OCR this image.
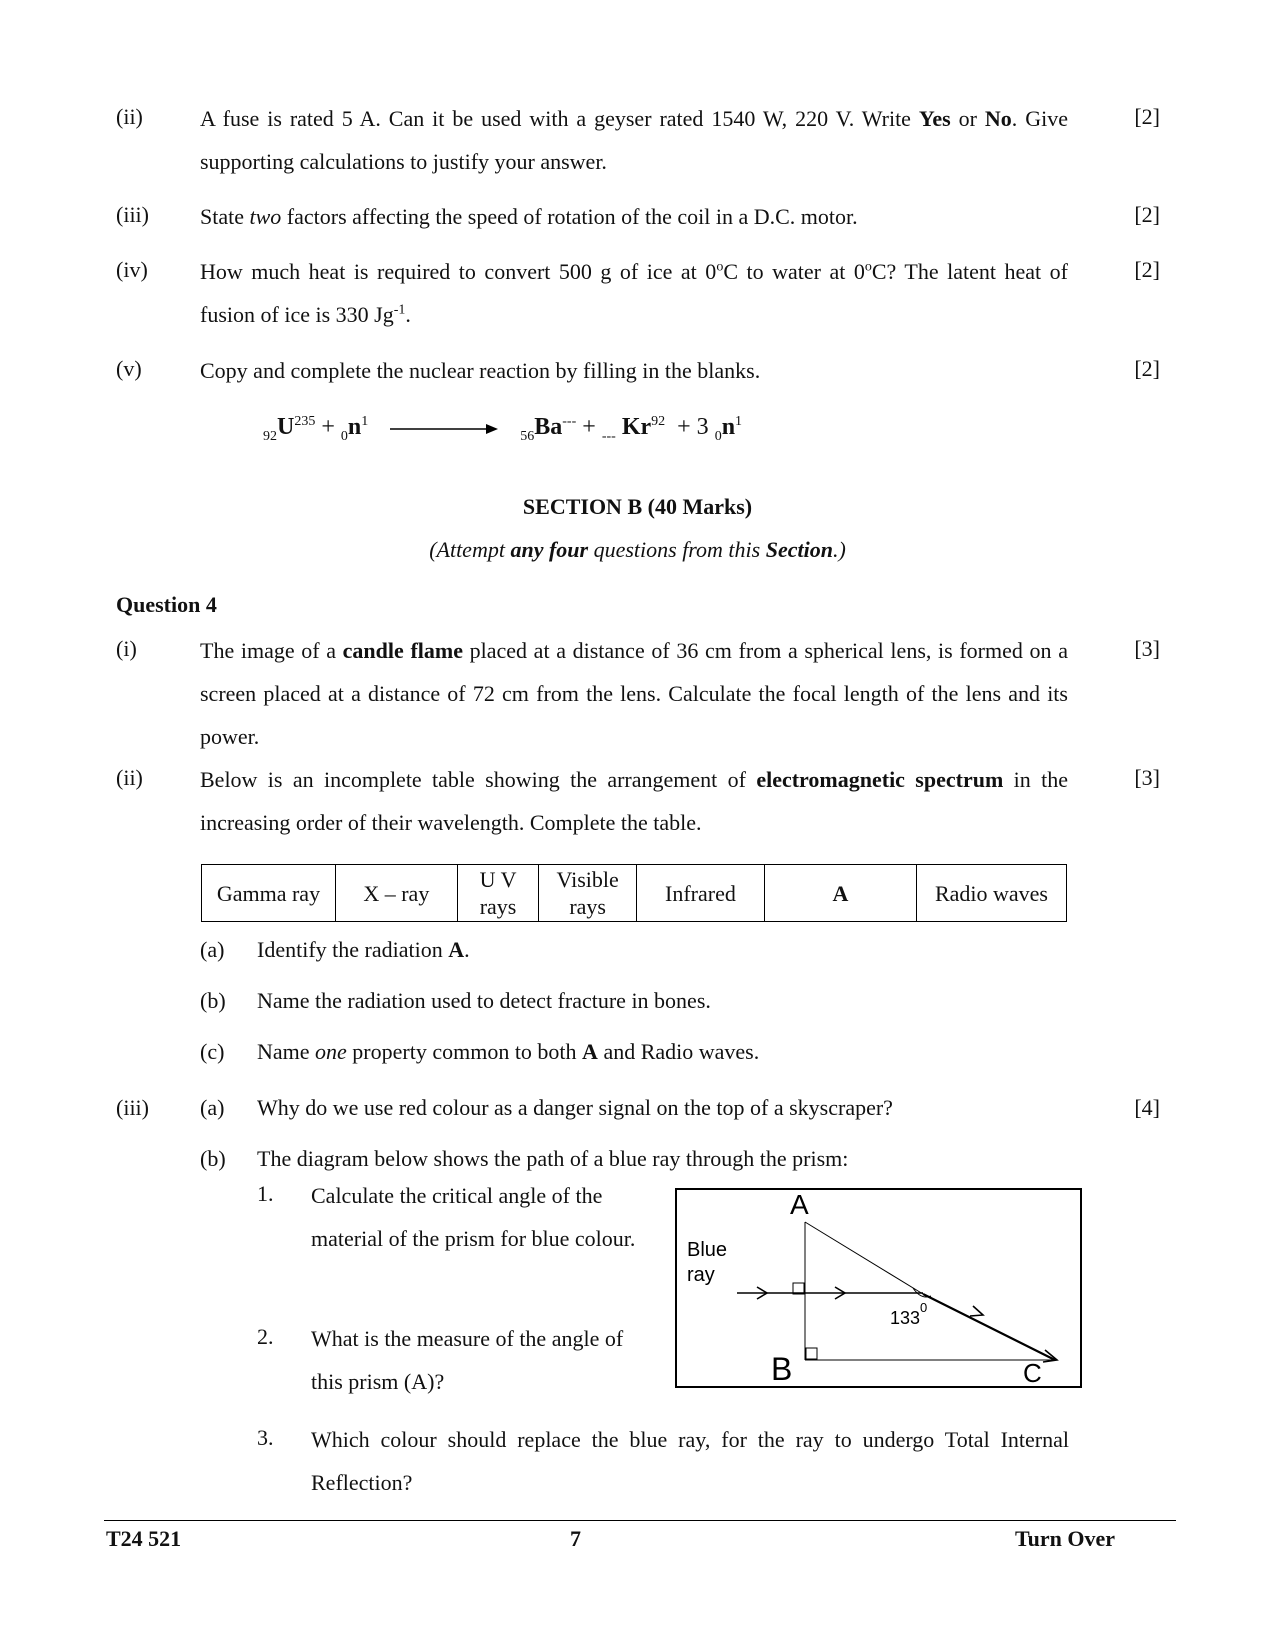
(ii)	A fuse is rated 5 A. Can it be used with a geyser rated 1540 W, 220 V. Write Yes or No. Give supporting calculations to justify your answer.
[2]
(iii) State two factors affecting the speed of rotation of the coil in a D.C. motor.	[2]
(iv) How much heat is required to convert 500 g of ice at 0$^o$C to water at 0$^o$C? The latent heat of fusion of ice is 330 $Jg^{-1}$.
[2]
(v)	Copy and complete the nuclear reaction by filling in the blanks.	[2]
$_{92}U^{235} + _0n^1_{56}Ba^{---} + _{---}$ Kr$^{92}$  + 3 $_0n^1$
SECTION B (40 Marks)
(Attempt any four questions from this Section.)
Question 4
(i)	The image of a candle flame placed at a distance of 36 cm from a spherical lens, is formed on a screen placed at a distance of 72 cm from the lens. Calculate the focal length of the lens and its power.
[3]
(ii)	Below is an incomplete table showing the arrangement of electromagnetic spectrum in the increasing order of their wavelength. Complete the table.
[3]
Gamma ray	X – ray	U V rays	Visible rays	Infrared	A	Radio waves
(a) Identify the radiation A.
(b) Name the radiation used to detect fracture in bones.
(c) Name one property common to both A and Radio waves.
(iii) (a) Why do we use red colour as a danger signal on the top of a skyscraper?	[4]
(b) The diagram below shows the path of a blue ray through the prism:
1. Calculate the critical angle of the material of the prism for blue colour.
2. What is the measure of the angle of this prism (A)?
3. Which colour should replace the blue ray, for the ray to undergo Total Internal Reflection?
A
B	C
Blue
ray
133
0
T24 521	7	Turn Over
